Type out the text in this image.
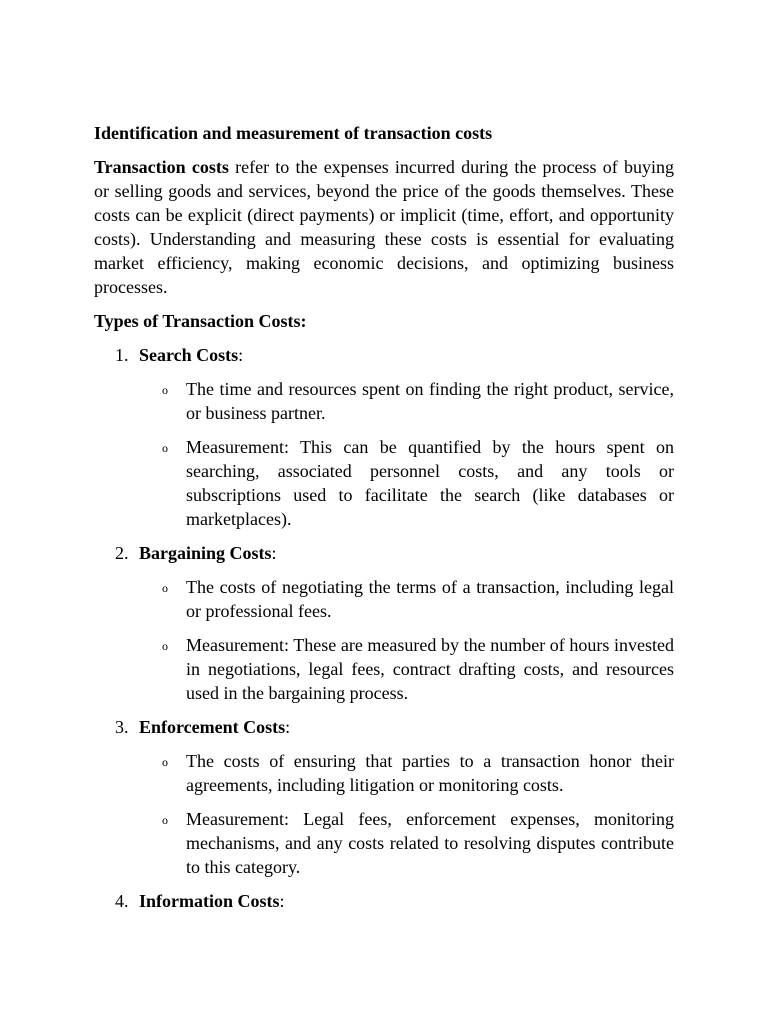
Identification and measurement of transaction costs

Transaction costs refer to the expenses incurred during the process of buying or selling goods and services, beyond the price of the goods themselves. These costs can be explicit (direct payments) or implicit (time, effort, and opportunity costs). Understanding and measuring these costs is essential for evaluating market efficiency, making economic decisions, and optimizing business processes.

Types of Transaction Costs:

1. Search Costs:
o The time and resources spent on finding the right product, service, or business partner.
o Measurement: This can be quantified by the hours spent on searching, associated personnel costs, and any tools or subscriptions used to facilitate the search (like databases or marketplaces).
2. Bargaining Costs:
o The costs of negotiating the terms of a transaction, including legal or professional fees.
o Measurement: These are measured by the number of hours invested in negotiations, legal fees, contract drafting costs, and resources used in the bargaining process.
3. Enforcement Costs:
o The costs of ensuring that parties to a transaction honor their agreements, including litigation or monitoring costs.
o Measurement: Legal fees, enforcement expenses, monitoring mechanisms, and any costs related to resolving disputes contribute to this category.
4. Information Costs:
